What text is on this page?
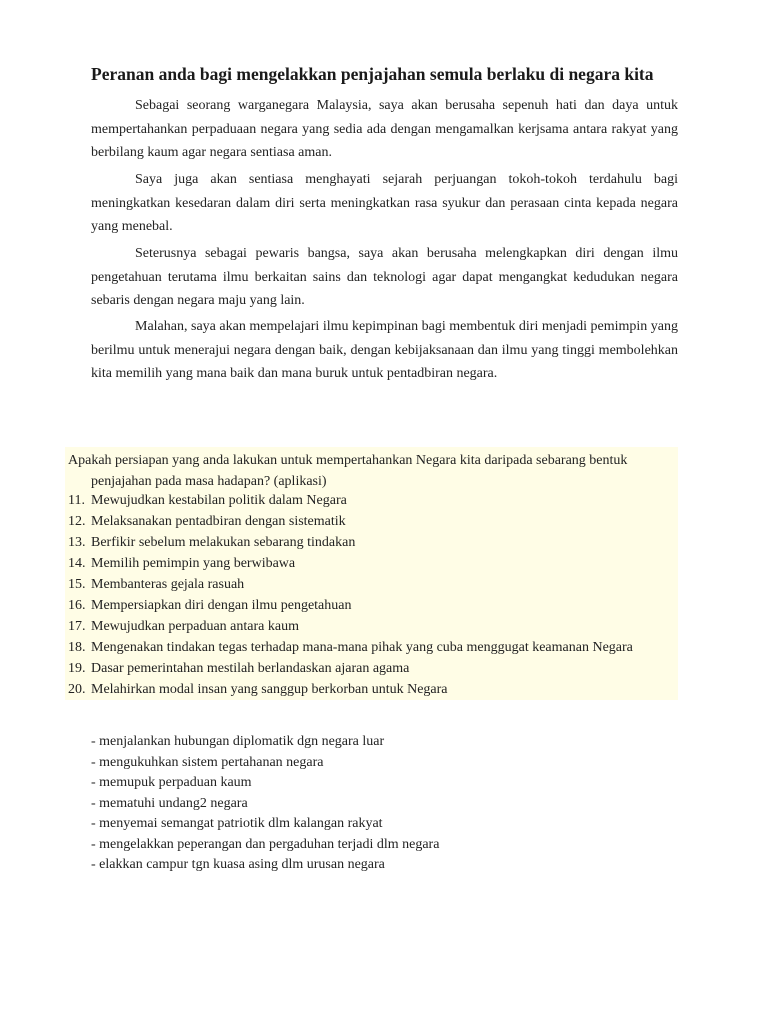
Peranan anda bagi mengelakkan penjajahan semula berlaku di negara kita

Sebagai seorang warganegara Malaysia, saya akan berusaha sepenuh hati dan daya untuk mempertahankan perpaduaan negara yang sedia ada dengan mengamalkan kerjsama antara rakyat yang berbilang kaum agar negara sentiasa aman.

Saya juga akan sentiasa menghayati sejarah perjuangan tokoh-tokoh terdahulu bagi meningkatkan kesedaran dalam diri serta meningkatkan rasa syukur dan perasaan cinta kepada negara yang menebal.

Seterusnya sebagai pewaris bangsa, saya akan berusaha melengkapkan diri dengan ilmu pengetahuan terutama ilmu berkaitan sains dan teknologi agar dapat mengangkat kedudukan negara sebaris dengan negara maju yang lain.

Malahan, saya akan mempelajari ilmu kepimpinan bagi membentuk diri menjadi pemimpin yang berilmu untuk menerajui negara dengan baik, dengan kebijaksanaan dan ilmu yang tinggi membolehkan kita memilih yang mana baik dan mana buruk untuk pentadbiran negara.

Apakah persiapan yang anda lakukan untuk mempertahankan Negara kita daripada sebarang bentuk
penjajahan pada masa hadapan? (aplikasi)

11. Mewujudkan kestabilan politik dalam Negara
12. Melaksanakan pentadbiran dengan sistematik
13. Berfikir sebelum melakukan sebarang tindakan
14. Memilih pemimpin yang berwibawa
15. Membanteras gejala rasuah
16. Mempersiapkan diri dengan ilmu pengetahuan
17. Mewujudkan perpaduan antara kaum
18. Mengenakan tindakan tegas terhadap mana-mana pihak yang cuba menggugat keamanan Negara
19. Dasar pemerintahan mestilah berlandaskan ajaran agama
20. Melahirkan modal insan yang sanggup berkorban untuk Negara
- menjalankan hubungan diplomatik dgn negara luar
- mengukuhkan sistem pertahanan negara
- memupuk perpaduan kaum
- mematuhi undang2 negara
- menyemai semangat patriotik dlm kalangan rakyat
- mengelakkan peperangan dan pergaduhan terjadi dlm negara
- elakkan campur tgn kuasa asing dlm urusan negara
